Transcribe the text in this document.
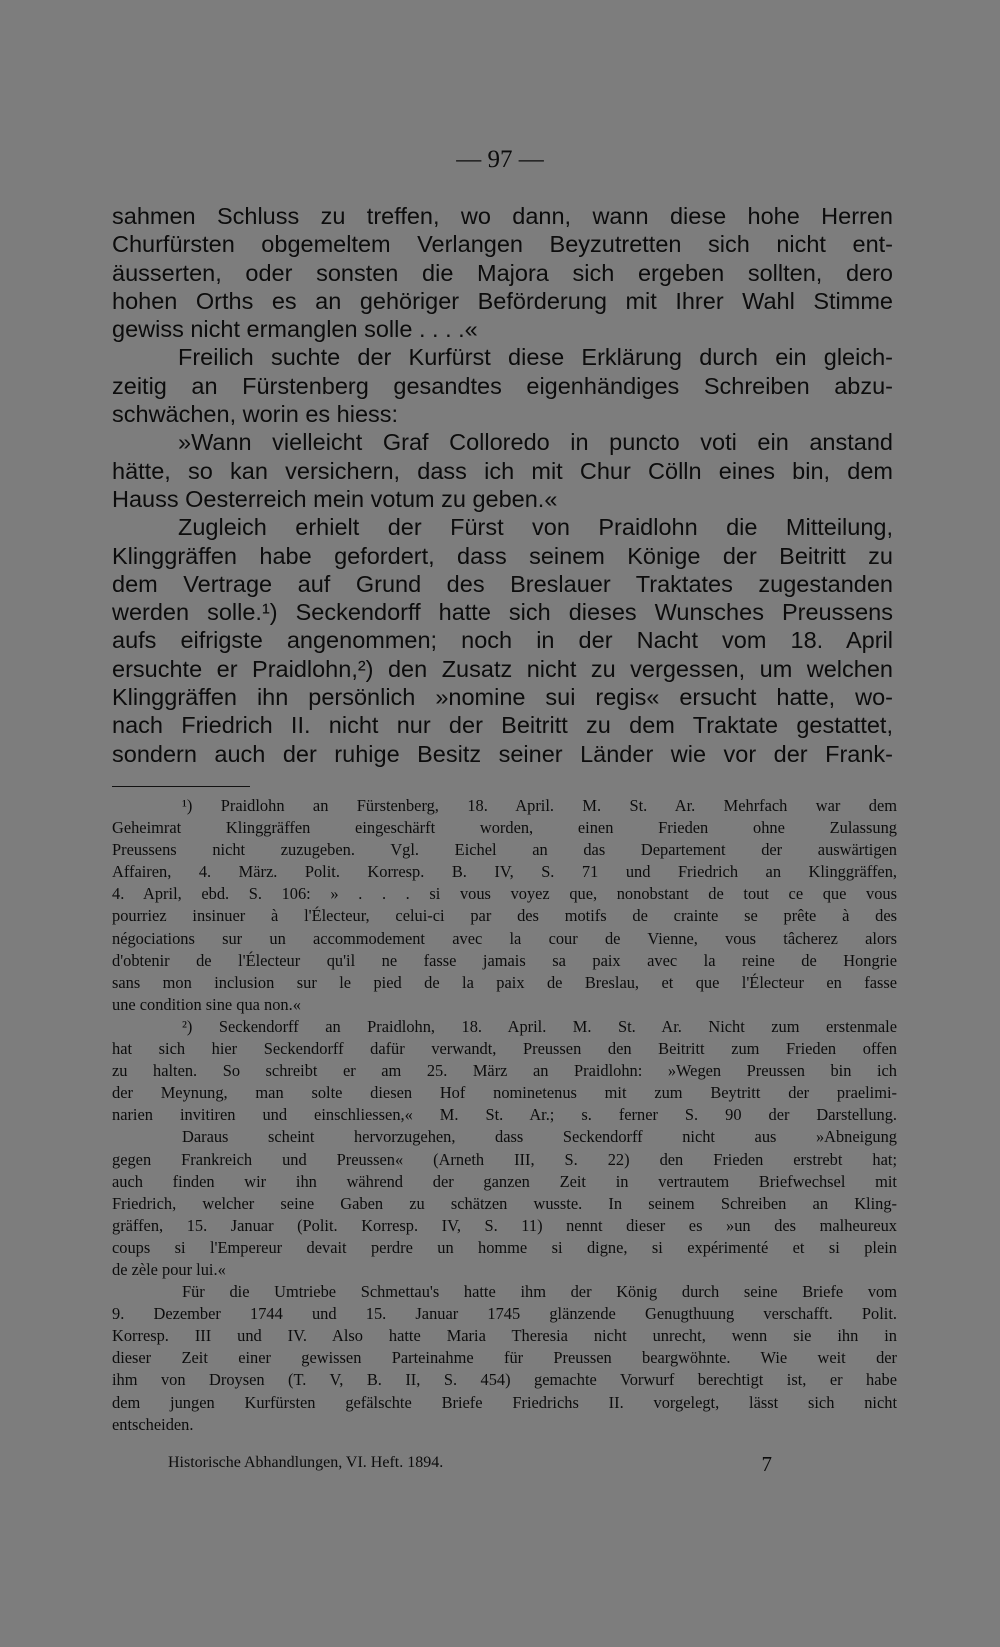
— 97 —
sahmen Schluss zu treffen, wo dann, wann diese hohe Herren
Churfürsten obgemeltem Verlangen Beyzutretten sich nicht ent-
äusserten, oder sonsten die Majora sich ergeben sollten, dero
hohen Orths es an gehöriger Beförderung mit Ihrer Wahl Stimme
gewiss nicht ermanglen solle . . . .«
Freilich suchte der Kurfürst diese Erklärung durch ein gleich-
zeitig an Fürstenberg gesandtes eigenhändiges Schreiben abzu-
schwächen, worin es hiess:
»Wann vielleicht Graf Colloredo in puncto voti ein anstand
hätte, so kan versichern, dass ich mit Chur Cölln eines bin, dem
Hauss Oesterreich mein votum zu geben.«
Zugleich erhielt der Fürst von Praidlohn die Mitteilung,
Klinggräffen habe gefordert, dass seinem Könige der Beitritt zu
dem Vertrage auf Grund des Breslauer Traktates zugestanden
werden solle.¹) Seckendorff hatte sich dieses Wunsches Preussens
aufs eifrigste angenommen; noch in der Nacht vom 18. April
ersuchte er Praidlohn,²) den Zusatz nicht zu vergessen, um welchen
Klinggräffen ihn persönlich »nomine sui regis« ersucht hatte, wo-
nach Friedrich II. nicht nur der Beitritt zu dem Traktate gestattet,
sondern auch der ruhige Besitz seiner Länder wie vor der Frank-
¹) Praidlohn an Fürstenberg, 18. April. M. St. Ar. Mehrfach war dem
Geheimrat Klinggräffen eingeschärft worden, einen Frieden ohne Zulassung
Preussens nicht zuzugeben. Vgl. Eichel an das Departement der auswärtigen
Affairen, 4. März. Polit. Korresp. B. IV, S. 71 und Friedrich an Klinggräffen,
4. April, ebd. S. 106: » . . . si vous voyez que, nonobstant de tout ce que vous
pourriez insinuer à l'Électeur, celui-ci par des motifs de crainte se prête à des
négociations sur un accommodement avec la cour de Vienne, vous tâcherez alors
d'obtenir de l'Électeur qu'il ne fasse jamais sa paix avec la reine de Hongrie
sans mon inclusion sur le pied de la paix de Breslau, et que l'Électeur en fasse
une condition sine qua non.«
²) Seckendorff an Praidlohn, 18. April. M. St. Ar. Nicht zum erstenmale
hat sich hier Seckendorff dafür verwandt, Preussen den Beitritt zum Frieden offen
zu halten. So schreibt er am 25. März an Praidlohn: »Wegen Preussen bin ich
der Meynung, man solte diesen Hof nominetenus mit zum Beytritt der praelimi-
narien invitiren und einschliessen,« M. St. Ar.; s. ferner S. 90 der Darstellung.
Daraus scheint hervorzugehen, dass Seckendorff nicht aus »Abneigung
gegen Frankreich und Preussen« (Arneth III, S. 22) den Frieden erstrebt hat;
auch finden wir ihn während der ganzen Zeit in vertrautem Briefwechsel mit
Friedrich, welcher seine Gaben zu schätzen wusste. In seinem Schreiben an Kling-
gräffen, 15. Januar (Polit. Korresp. IV, S. 11) nennt dieser es »un des malheureux
coups si l'Empereur devait perdre un homme si digne, si expérimenté et si plein
de zèle pour lui.«
Für die Umtriebe Schmettau's hatte ihm der König durch seine Briefe vom
9. Dezember 1744 und 15. Januar 1745 glänzende Genugthuung verschafft. Polit.
Korresp. III und IV. Also hatte Maria Theresia nicht unrecht, wenn sie ihn in
dieser Zeit einer gewissen Parteinahme für Preussen beargwöhnte. Wie weit der
ihm von Droysen (T. V, B. II, S. 454) gemachte Vorwurf berechtigt ist, er habe
dem jungen Kurfürsten gefälschte Briefe Friedrichs II. vorgelegt, lässt sich nicht
entscheiden.
Historische Abhandlungen, VI. Heft. 1894.	7
